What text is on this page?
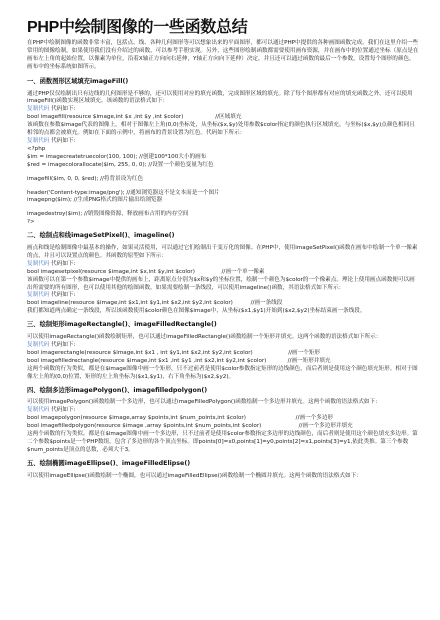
PHP中绘制图像的一些函数总结

在PHP中绘制图像的函数非常丰富，包括点、线、各种几何图形等可以想象出来的平面图形，都可以通过PHP中提供的各种画图函数完成。我们在这里介绍一些常用的图像绘制，如果使用我们没有介绍过的函数，可以参考手册实现。另外，这些图形绘制函数都需要使用画布资源，并在画布中的位置通过坐标（原点是在画布左上角的起始位置，以像素为单位，沿着X轴正方向向右延伸，Y轴正方向向下延伸）决定，并且还可以通过函数的最后一个参数，设置每个图形的颜色。画布中的坐标系统如图所示。

一、函数图形区域填充imageFill()

通过PHP仅仅绘制出只有边线的几何图形是不够的，还可以使用对应的填充函数，完成图形区域的填充。除了每个图形都有对应的填充函数之外，还可以使用imageFill()函数实现区域填充。该函数的语法格式如下：

复制代码 代码如下:
bool imagefill(resource $image,int $x ,int $y ,int $color)                  //区域填充

该函数在参数$image代表的图像上，相对于图像左上角(0,0)坐标处，从坐标($x,$y)处用参数$color指定的颜色执行区域填充。与坐标($x,$y)点颜色相同且相邻的点都会被填充。例如在下面的示例中，将画布的背景设置为红色。代码如下所示：

复制代码 代码如下:
<?php
$im = imagecreatetruecolor(100, 100); //创建100*100大小的画布
$red = imagecolorallocate($im, 255, 0, 0); //设置一个颜色变量为红色
imagefill($im, 0, 0, $red); //将背景设为红色
header('Content-type:image/png'); //通知浏览器这不是文本而是一个图片
imagepng($im); //生成PNG格式的图片输出给浏览器
imagedestroy($im); //销毁图像资源，释放画布占用的内存空间
?>

二、绘制点和线imageSetPixel()、imageline()

画点和线是绘制图像中最基本的操作，如果灵活使用，可以通过它们绘制出千变万化的图像。在PHP中，使用imageSetPixel()函数在画布中绘制一个单一像素的点，并且可以设置点的颜色。其函数的原型如下所示：

复制代码 代码如下:
bool imagesetpixel(resource $image,int $x,int $y,int $color)               //画一个单一像素

该函数可以在第一个参数$image中提供的画布上，距离原点分别为$x和$y的坐标位置，绘制一个颜色为$color的一个像素点。理论上使用画点函数便可以画出所需要的所有图形，也可以使用其他的绘图函数。如果需要绘制一条线段，可以使用imageline()函数，其语法格式如下所示：

复制代码 代码如下:
bool imageline(resource $image,int $x1,int $y1,int $x2,int $y2,int $color)          //画一条线段

我们都知道两点确定一条线段，所以该函数使用$color颜色在图像$image中，从坐标($x1,$y1)开始到($x2,$y2)坐标结束画一条线段。

三、绘制矩形imageRectangle()、imageFilledRectangle()

可以使用imageRectangle()函数绘制矩形，也可以通过imageFilledRectangle()函数绘制一个矩形并填充。这两个函数的语法格式如下所示：

复制代码 代码如下:
bool imagerectangle(resource $image,int $x1 , int $y1,int $x2,int $y2,int $color)                    //画一个矩形
bool imagefilledrectangle(resource $image,int $x1 ,int $y1 ,int $x2,int $y2,int $color)            //画一矩形并填充

这两个函数的行为类似，都是在$image图像中画一个矩形，只不过前者是使用$color参数指定矩形的边线颜色，而后者则是使用这个颜色填充矩形。相对于图像左上角的(0,0)位置，矩形的左上角坐标为($x1,$y1)，右下角坐标为($x2,$y2)。

四、绘制多边形imagePolygon()、imagefilledpolygon()

可以使用imagePolygon()函数绘制一个多边形，也可以通过imageFilledPolygon()函数绘制一个多边形并填充。这两个函数的语法格式如下：

复制代码 代码如下:
bool imagepolygon(resource $image,array $points,int $num_points,int $color)                            //画一个多边形
bool imagefilledpolygon(resource $image ,array $points,int $num_points,int $color)                     //画一个多边形并填充

这两个函数的行为类似，都是在$image图像中画一个多边形，只不过前者是使用$color参数指定多边形的边线颜色，而后者则是使用这个颜色填充多边形。第二个参数$points是一个PHP数组，包含了多边形的各个顶点坐标。即points[0]=x0,points[1]=y0,points[2]=x1,points[3]=y1,依此类推。第三个参数$num_points是顶点的总数，必须大于3。

五、绘制椭圆imageEllipse()、imageFilledElipse()

可以使用imageEllipse()函数绘制一个椭圆，也可以通过imageFilledEllipse()函数绘制一个椭圆并填充。这两个函数的语法格式如下：
